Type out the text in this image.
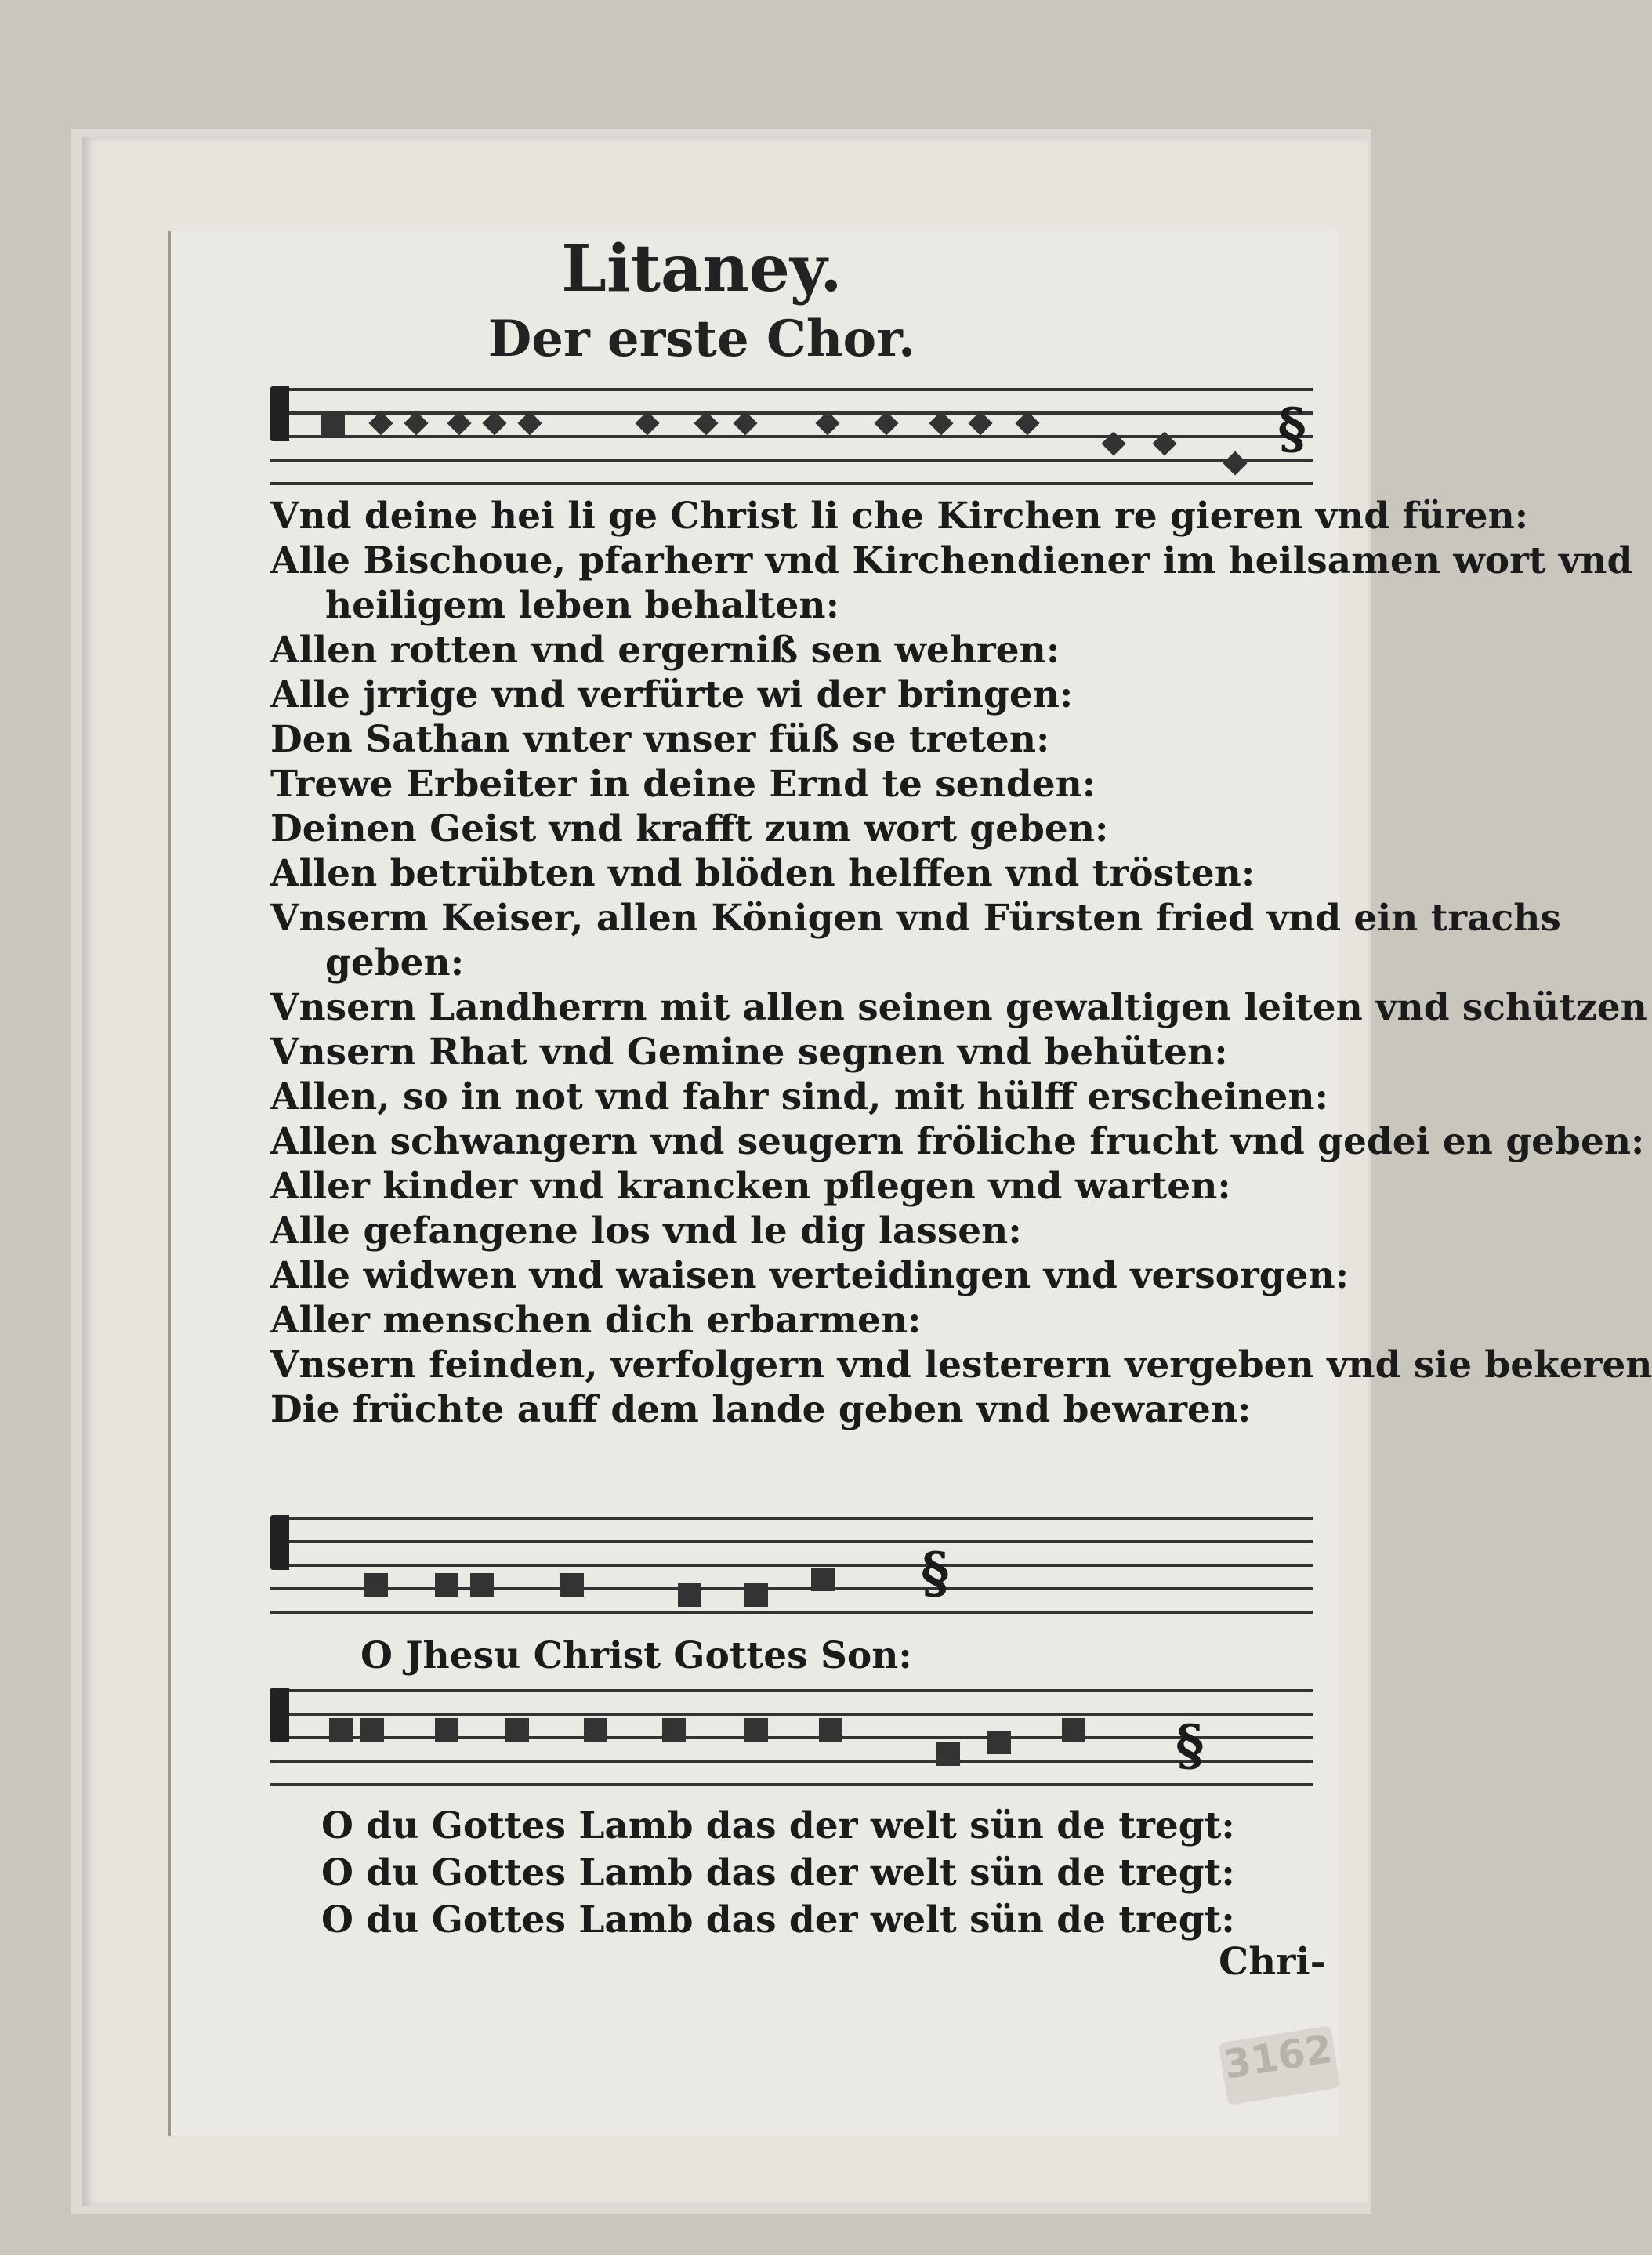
Litaney.
Der erste Chor.
§
Vnd deine hei li ge Christ li che Kirchen re gieren vnd füren:
Alle Bischoue, pfarherr vnd Kirchendiener im heilsamen wort vnd
heiligem leben behalten:
Allen rotten vnd ergerniß sen wehren:
Alle jrrige vnd verfürte wi der bringen:
Den Sathan vnter vnser füß se treten:
Trewe Erbeiter in deine Ernd te senden:
Deinen Geist vnd krafft zum wort geben:
Allen betrübten vnd blöden helffen vnd trösten:
Vnserm Keiser, allen Königen vnd Fürsten fried vnd ein trachs
geben:
Vnsern Landherrn mit allen seinen gewaltigen leiten vnd schützen
Vnsern Rhat vnd Gemine segnen vnd behüten:
Allen, so in not vnd fahr sind, mit hülff erscheinen:
Allen schwangern vnd seugern fröliche frucht vnd gedei en geben:
Aller kinder vnd krancken pflegen vnd warten:
Alle gefangene los vnd le dig lassen:
Alle widwen vnd waisen verteidingen vnd versorgen:
Aller menschen dich erbarmen:
Vnsern feinden, verfolgern vnd lesterern vergeben vnd sie bekeren
Die früchte auff dem lande geben vnd bewaren:
§
O Jhesu Christ Gottes Son:
§
O du Gottes Lamb das der welt sün de tregt:
O du Gottes Lamb das der welt sün de tregt:
O du Gottes Lamb das der welt sün de tregt:
Chri-
3162
